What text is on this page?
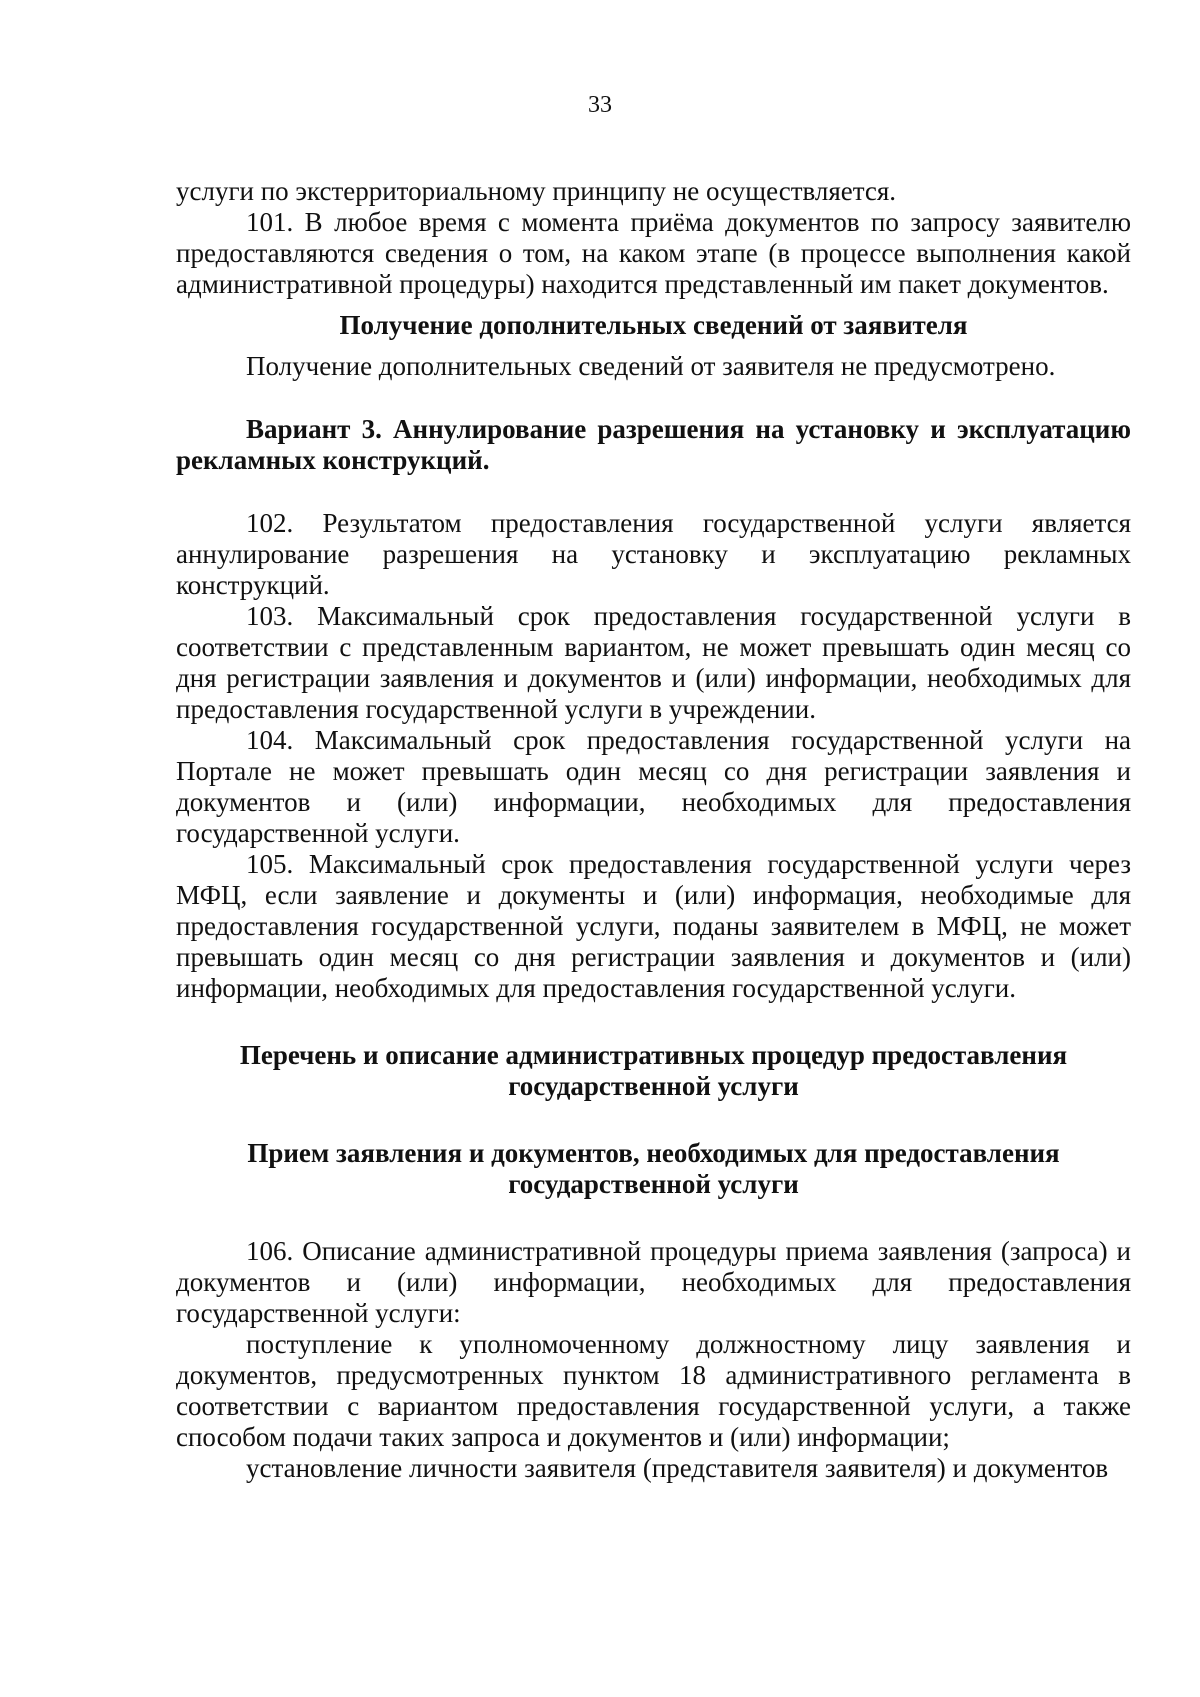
33

услуги по экстерриториальному принципу не осуществляется.

101. В любое время с момента приёма документов по запросу заявителю предоставляются сведения о том, на каком этапе (в процессе выполнения какой административной процедуры) находится представленный им пакет документов.

Получение дополнительных сведений от заявителя

Получение дополнительных сведений от заявителя не предусмотрено.

Вариант 3. Аннулирование разрешения на установку и эксплуатацию рекламных конструкций.

102. Результатом предоставления государственной услуги является аннулирование разрешения на установку и эксплуатацию рекламных конструкций.

103. Максимальный срок предоставления государственной услуги в соответствии с представленным вариантом, не может превышать один месяц со дня регистрации заявления и документов и (или) информации, необходимых для предоставления государственной услуги в учреждении.

104. Максимальный срок предоставления государственной услуги на Портале не может превышать один месяц со дня регистрации заявления и документов и (или) информации, необходимых для предоставления государственной услуги.

105. Максимальный срок предоставления государственной услуги через МФЦ, если заявление и документы и (или) информация, необходимые для предоставления государственной услуги, поданы заявителем в МФЦ, не может превышать один месяц со дня регистрации заявления и документов и (или) информации, необходимых для предоставления государственной услуги.

Перечень и описание административных процедур предоставления

государственной услуги

Прием заявления и документов, необходимых для предоставления

государственной услуги

106. Описание административной процедуры приема заявления (запроса) и документов и (или) информации, необходимых для предоставления государственной услуги:

поступление к уполномоченному должностному лицу заявления и документов, предусмотренных пунктом 18 административного регламента в соответствии с вариантом предоставления государственной услуги, а также способом подачи таких запроса и документов и (или) информации;

установление личности заявителя (представителя заявителя) и документов
